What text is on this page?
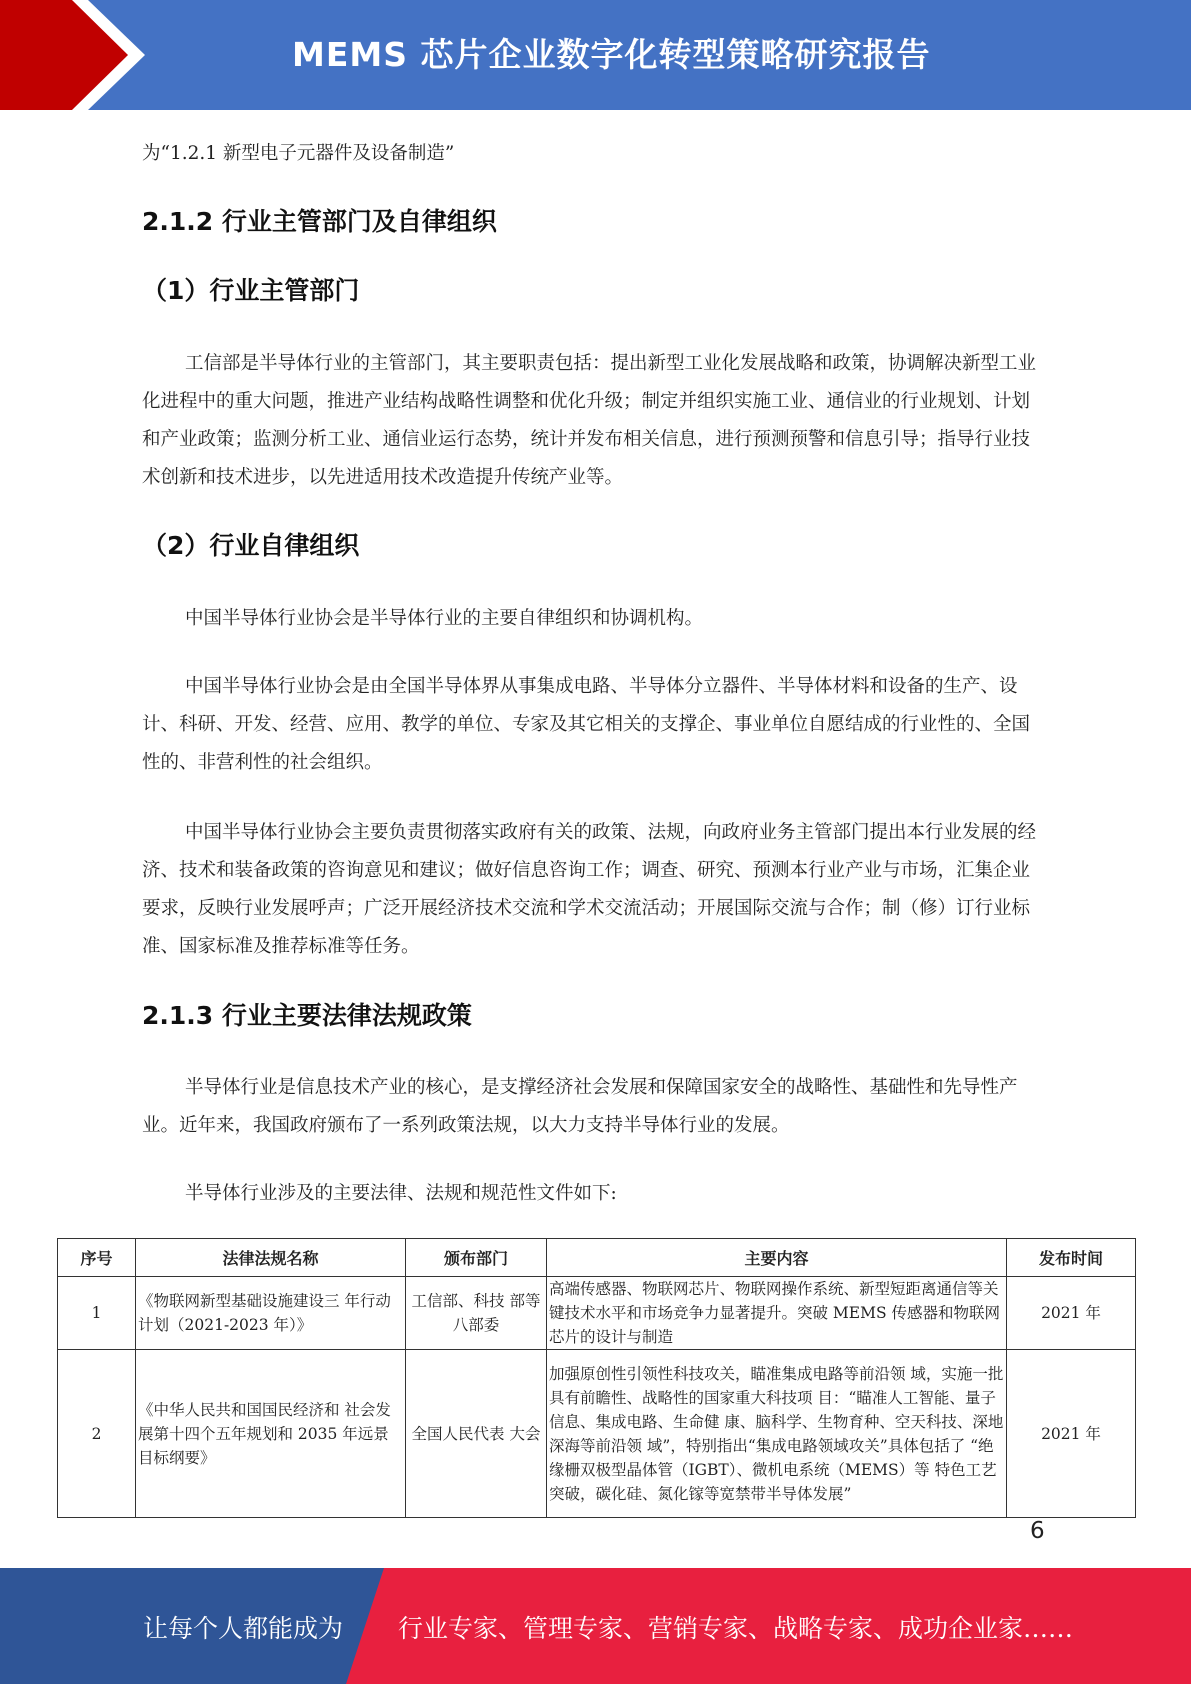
MEMS 芯片企业数字化转型策略研究报告
为“1.2.1 新型电子元器件及设备制造”
2.1.2 行业主管部门及自律组织
（1）行业主管部门
工信部是半导体行业的主管部门，其主要职责包括：提出新型工业化发展战略和政策，协调解决新型工业化进程中的重大问题，推进产业结构战略性调整和优化升级；制定并组织实施工业、通信业的行业规划、计划和产业政策；监测分析工业、通信业运行态势，统计并发布相关信息，进行预测预警和信息引导；指导行业技术创新和技术进步，以先进适用技术改造提升传统产业等。
（2）行业自律组织
中国半导体行业协会是半导体行业的主要自律组织和协调机构。
中国半导体行业协会是由全国半导体界从事集成电路、半导体分立器件、半导体材料和设备的生产、设计、科研、开发、经营、应用、教学的单位、专家及其它相关的支撑企、事业单位自愿结成的行业性的、全国性的、非营利性的社会组织。
中国半导体行业协会主要负责贯彻落实政府有关的政策、法规，向政府业务主管部门提出本行业发展的经济、技术和装备政策的咨询意见和建议；做好信息咨询工作；调查、研究、预测本行业产业与市场，汇集企业要求，反映行业发展呼声；广泛开展经济技术交流和学术交流活动；开展国际交流与合作；制（修）订行业标准、国家标准及推荐标准等任务。
2.1.3 行业主要法律法规政策
半导体行业是信息技术产业的核心，是支撑经济社会发展和保障国家安全的战略性、基础性和先导性产业。近年来，我国政府颁布了一系列政策法规，以大力支持半导体行业的发展。
半导体行业涉及的主要法律、法规和规范性文件如下:
序号	法律法规名称	颁布部门	主要内容	发布时间
1	《物联网新型基础设施建设三 年行动计划（2021-2023 年）》	工信部、科技 部等八部委	高端传感器、物联网芯片、物联网操作系统、新型短距离通信等关键技术水平和市场竞争力显著提升。突破 MEMS 传感器和物联网芯片的设计与制造	2021 年
2	《中华人民共和国国民经济和 社会发展第十四个五年规划和 2035 年远景目标纲要》	全国人民代表 大会	加强原创性引领性科技攻关，瞄准集成电路等前沿领 域，实施一批具有前瞻性、战略性的国家重大科技项 目：“瞄准人工智能、量子信息、集成电路、生命健 康、脑科学、生物育种、空天科技、深地深海等前沿领 域”，特别指出“集成电路领域攻关”具体包括了 “绝 缘栅双极型晶体管（IGBT）、微机电系统（MEMS）等 特色工艺突破，碳化硅、氮化镓等宽禁带半导体发展”	2021 年
6
让每个人都能成为 行业专家、管理专家、营销专家、战略专家、成功企业家……
